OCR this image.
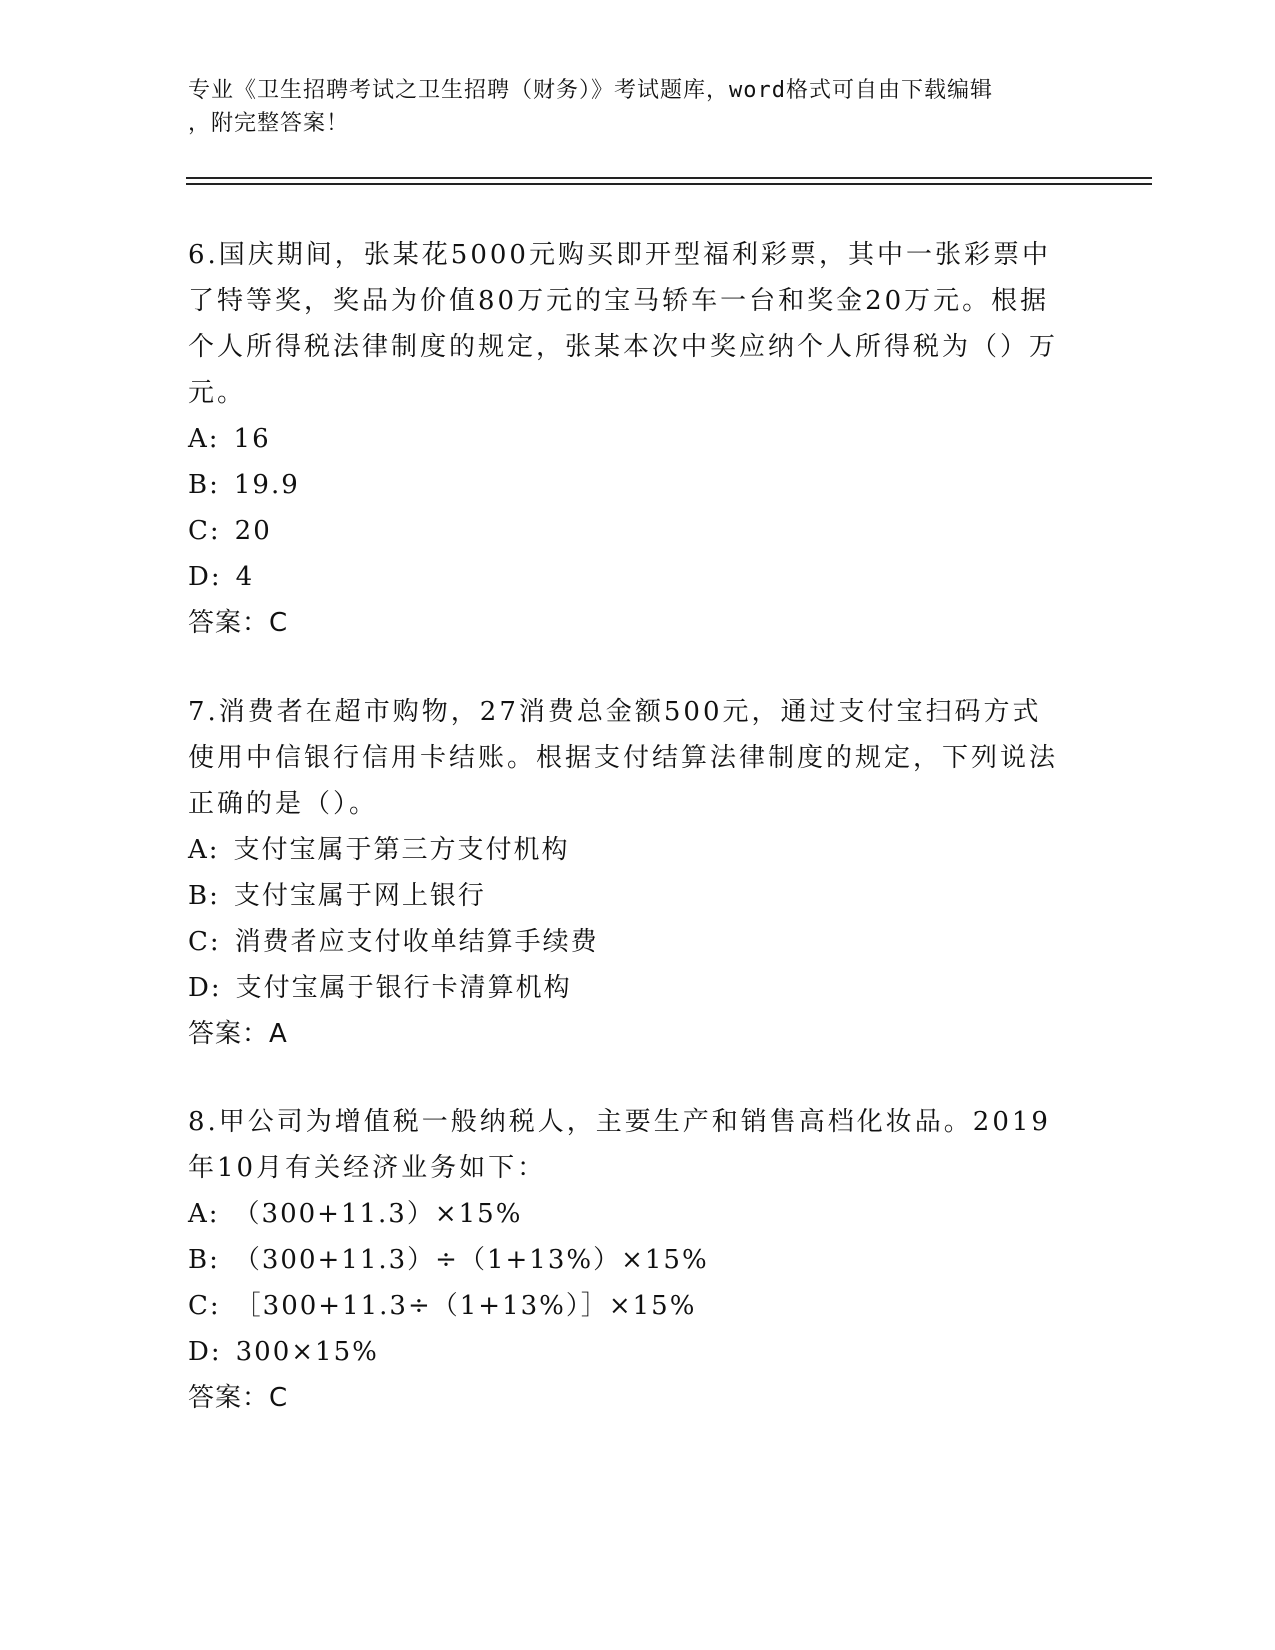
专业《卫生招聘考试之卫生招聘（财务）》考试题库，word格式可自由下载编辑
，附完整答案！

6.国庆期间，张某花5000元购买即开型福利彩票，其中一张彩票中了特等奖，奖品为价值80万元的宝马轿车一台和奖金20万元。根据个人所得税法律制度的规定，张某本次中奖应纳个人所得税为（）万元。

A: 16
B: 19.9
C: 20
D: 4
答案：C

7.消费者在超市购物，27消费总金额500元，通过支付宝扫码方式使用中信银行信用卡结账。根据支付结算法律制度的规定，下列说法正确的是（）。

A: 支付宝属于第三方支付机构
B: 支付宝属于网上银行
C: 消费者应支付收单结算手续费
D: 支付宝属于银行卡清算机构
答案：A

8.甲公司为增值税一般纳税人，主要生产和销售高档化妆品。2019年10月有关经济业务如下：

A: （300+11.3）×15%
B: （300+11.3）÷（1+13%）×15%
C: ［300+11.3÷（1+13%）］×15%
D: 300×15%
答案：C
